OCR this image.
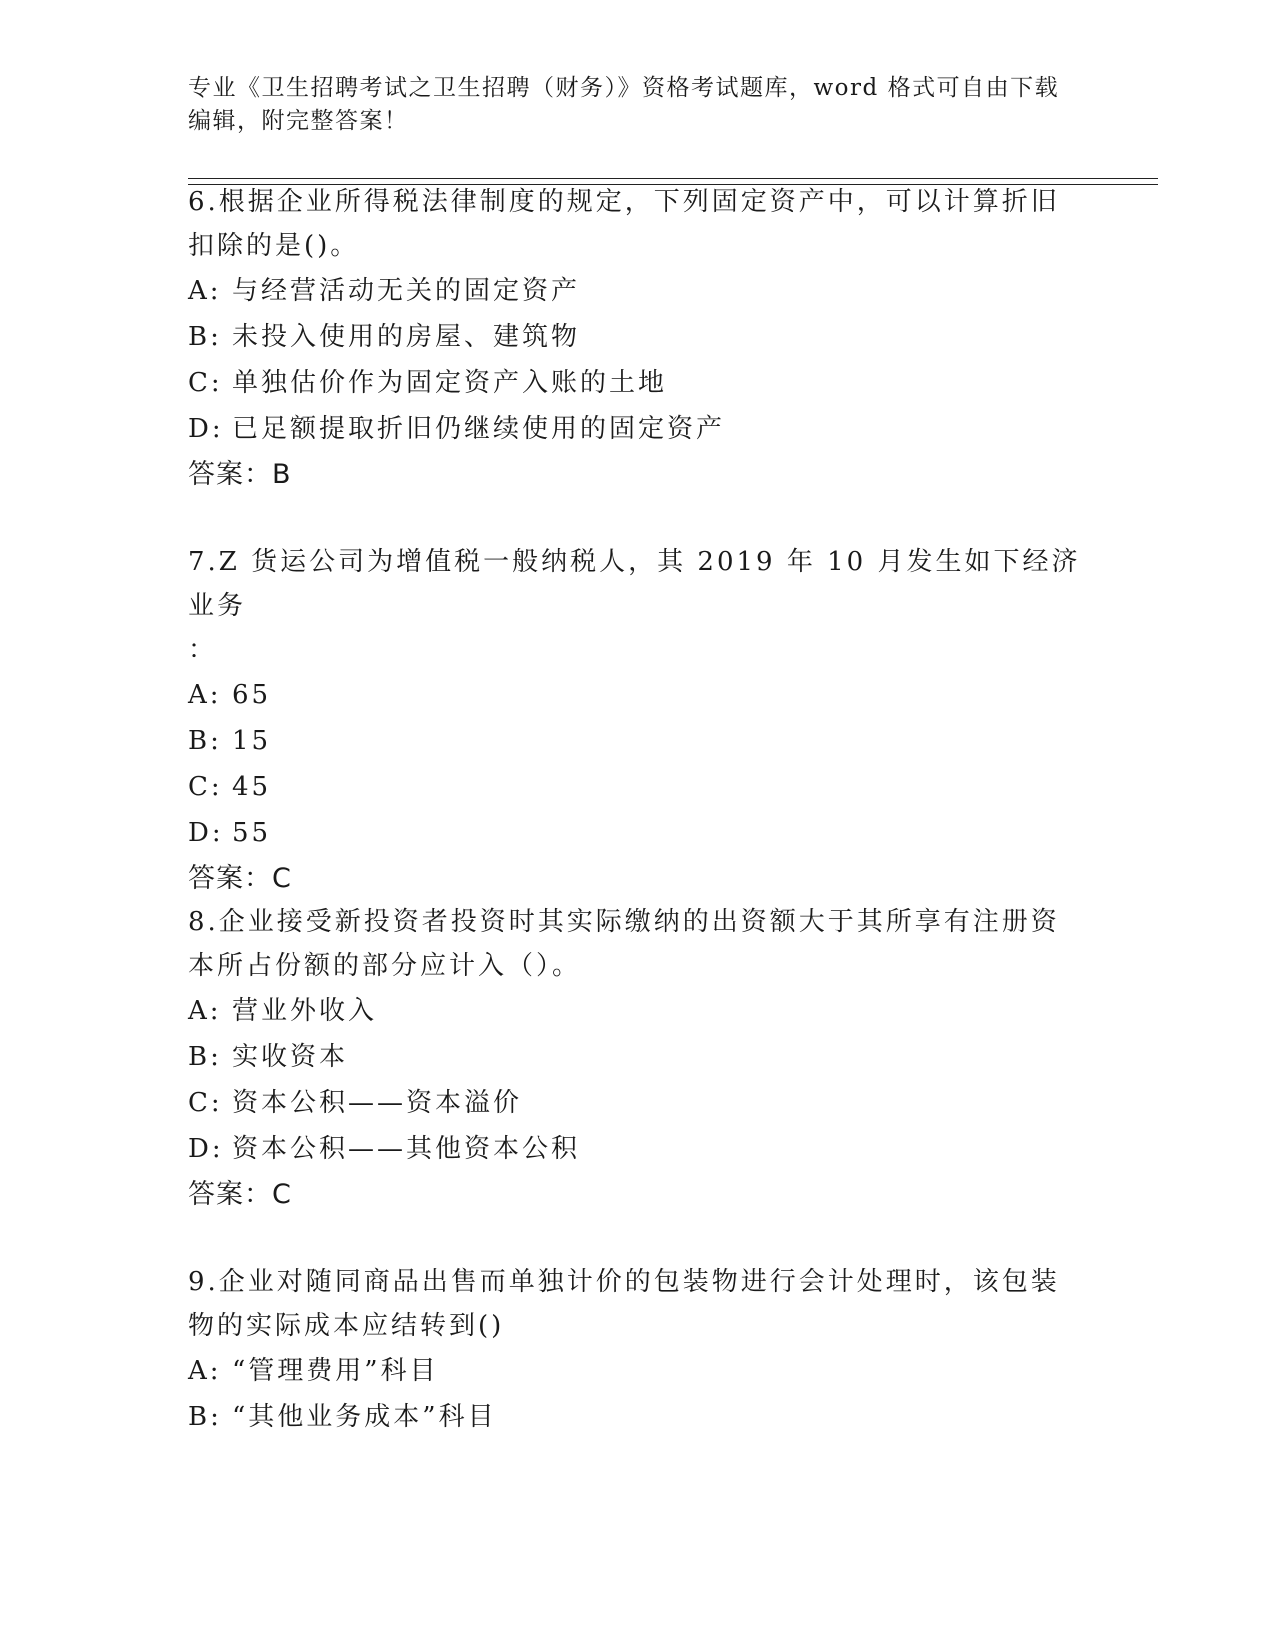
专业《卫生招聘考试之卫生招聘（财务）》资格考试题库，word 格式可自由下载
编辑，附完整答案！

6.根据企业所得税法律制度的规定，下列固定资产中，可以计算折旧

扣除的是()。

A: 与经营活动无关的固定资产

B: 未投入使用的房屋、建筑物

C: 单独估价作为固定资产入账的土地

D: 已足额提取折旧仍继续使用的固定资产

答案：B

7.Z 货运公司为增值税一般纳税人，其 2019 年 10 月发生如下经济业务

：

A: 65

B: 15

C: 45

D: 55

答案：C

8.企业接受新投资者投资时其实际缴纳的出资额大于其所享有注册资

本所占份额的部分应计入（）。

A: 营业外收入

B: 实收资本

C: 资本公积——资本溢价

D: 资本公积——其他资本公积

答案：C

9.企业对随同商品出售而单独计价的包装物进行会计处理时，该包装

物的实际成本应结转到()

A: “管理费用”科目

B: “其他业务成本”科目
